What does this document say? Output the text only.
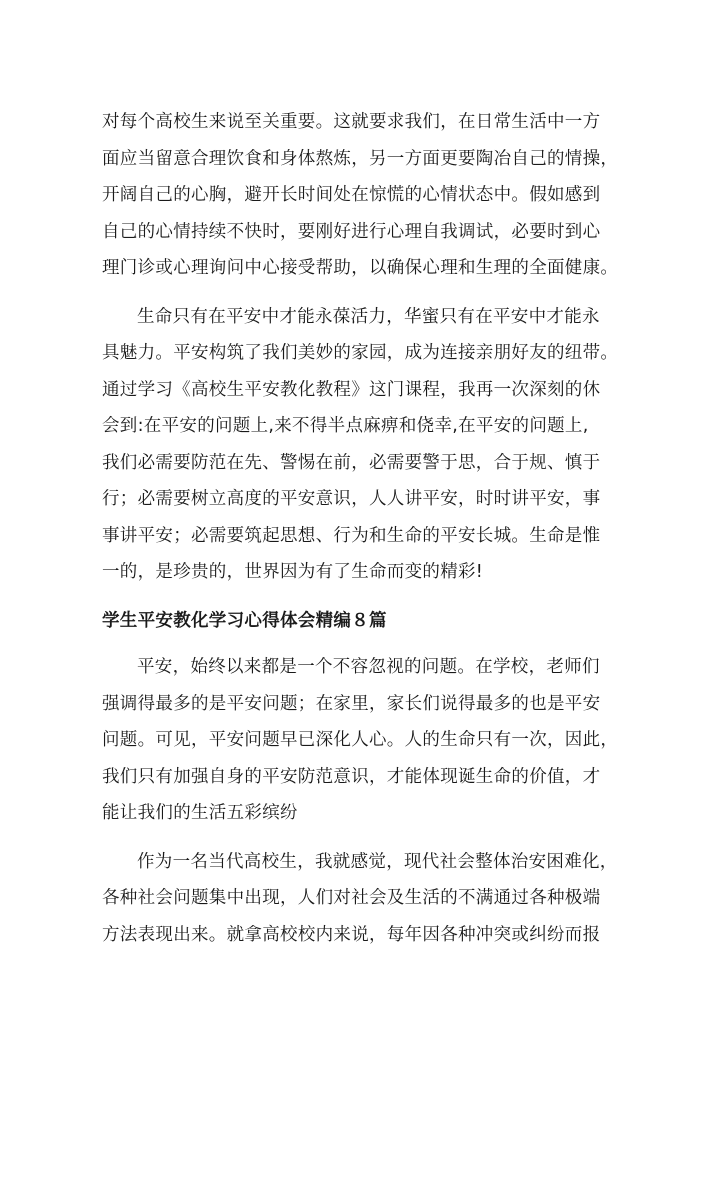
对每个高校生来说至关重要。这就要求我们，在日常生活中一方
面应当留意合理饮食和身体熬炼，另一方面更要陶冶自己的情操，
开阔自己的心胸，避开长时间处在惊慌的心情状态中。假如感到
自己的心情持续不快时，要刚好进行心理自我调试，必要时到心
理门诊或心理询问中心接受帮助，以确保心理和生理的全面健康。

生命只有在平安中才能永葆活力，华蜜只有在平安中才能永
具魅力。平安构筑了我们美妙的家园，成为连接亲朋好友的纽带。
通过学习《高校生平安教化教程》这门课程，我再一次深刻的休
会到:在平安的问题上,来不得半点麻痹和侥幸,在平安的问题上,
我们必需要防范在先、警惕在前，必需要警于思，合于规、慎于
行；必需要树立高度的平安意识，人人讲平安，时时讲平安，事
事讲平安；必需要筑起思想、行为和生命的平安长城。生命是惟
一的，是珍贵的，世界因为有了生命而变的精彩!

学生平安教化学习心得体会精编８篇

平安，始终以来都是一个不容忽视的问题。在学校，老师们
强调得最多的是平安问题；在家里，家长们说得最多的也是平安
问题。可见，平安问题早已深化人心。人的生命只有一次，因此，
我们只有加强自身的平安防范意识，才能体现诞生命的价值，才
能让我们的生活五彩缤纷

作为一名当代高校生，我就感觉，现代社会整体治安困难化，
各种社会问题集中出现，人们对社会及生活的不满通过各种极端
方法表现出来。就拿高校校内来说，每年因各种冲突或纠纷而报
